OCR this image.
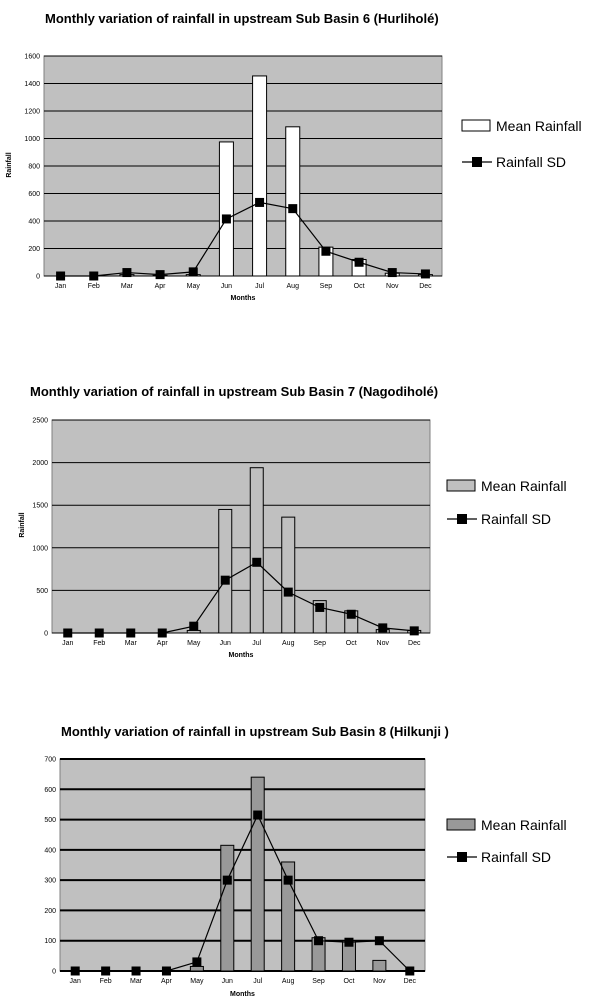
Monthly variation of rainfall in upstream Sub Basin 6 (Hurliholé)
0
200
400
600
800
1000
1200
1400
1600
Rainfall
Jan	Feb	Mar	Apr	May	Jun	Jul	Aug	Sep	Oct	Nov	Dec
Months
Mean Rainfall
Rainfall SD
Monthly variation of rainfall in upstream Sub Basin 7 (Nagodiholé)
0
500
1000
1500
2000
2500
Rainfall
Jan	Feb	Mar	Apr	May	Jun	Jul	Aug	Sep	Oct	Nov	Dec
Months
Mean Rainfall
Rainfall SD
Monthly variation of rainfall in upstream Sub Basin 8 (Hilkunji )
0
100
200
300
400
500
600
700
Jan	Feb	Mar	Apr	May	Jun	Jul	Aug	Sep	Oct	Nov	Dec
Months
Mean Rainfall
Rainfall SD
